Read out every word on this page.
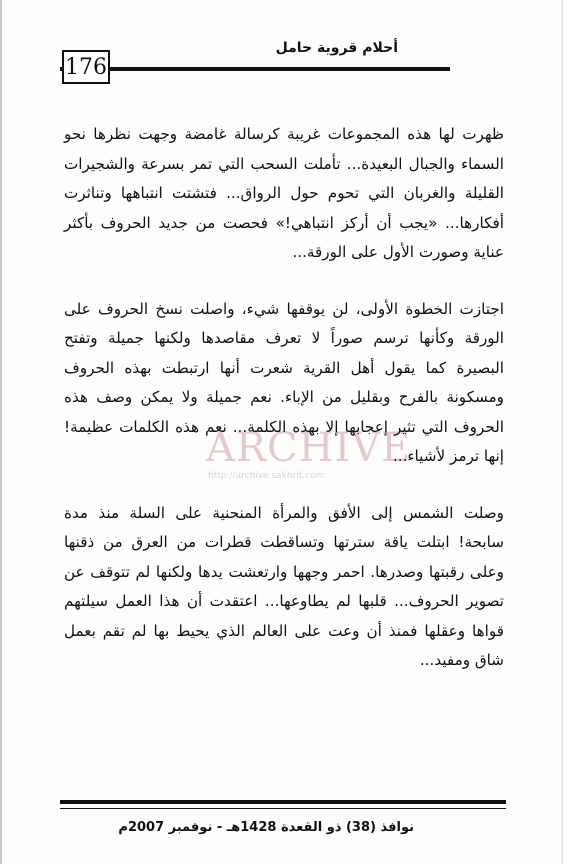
أحلام قروية حامل
176

ظهرت لها هذه المجموعات غريبة كرسالة غامضة وجهت نظرها نحو السماء والجبال البعيدة... تأملت السحب التي تمر بسرعة والشجيرات القليلة والغربان التي تحوم حول الرواق... فتشتت انتباهها وتناثرت أفكارها... «يجب أن أركز انتباهي!» فحصت من جديد الحروف بأكثر عناية وصورت الأول على الورقة...

اجتازت الخطوة الأولى، لن يوقفها شيء، واصلت نسخ الحروف على الورقة وكأنها ترسم صوراً لا تعرف مقاصدها ولكنها جميلة وتفتح البصيرة كما يقول أهل القرية شعرت أنها ارتبطت بهذه الحروف ومسكونة بالفرح وبقليل من الإباء. نعم جميلة ولا يمكن وصف هذه الحروف التي تثير إعجابها إلا بهذه الكلمة... نعم هذه الكلمات عظيمة! إنها ترمز لأشياء...

وصلت الشمس إلى الأفق والمرأة المنحنية على السلة منذ مدة سابحة! ابتلت ياقة سترتها وتساقطت قطرات من العرق من ذقنها وعلى رقبتها وصدرها. احمر وجهها وارتعشت يدها ولكنها لم تتوقف عن تصوير الحروف... قلبها لم يطاوعها... اعتقدت أن هذا العمل سيلتهم قواها وعقلها فمنذ أن وعت على العالم الذي يحيط بها لم تقم بعمل شاق ومفيد...

ARCHIVE
http://archive.sakhrit.com
نوافذ (38) ذو القعدة 1428هـ - نوفمبر 2007م
